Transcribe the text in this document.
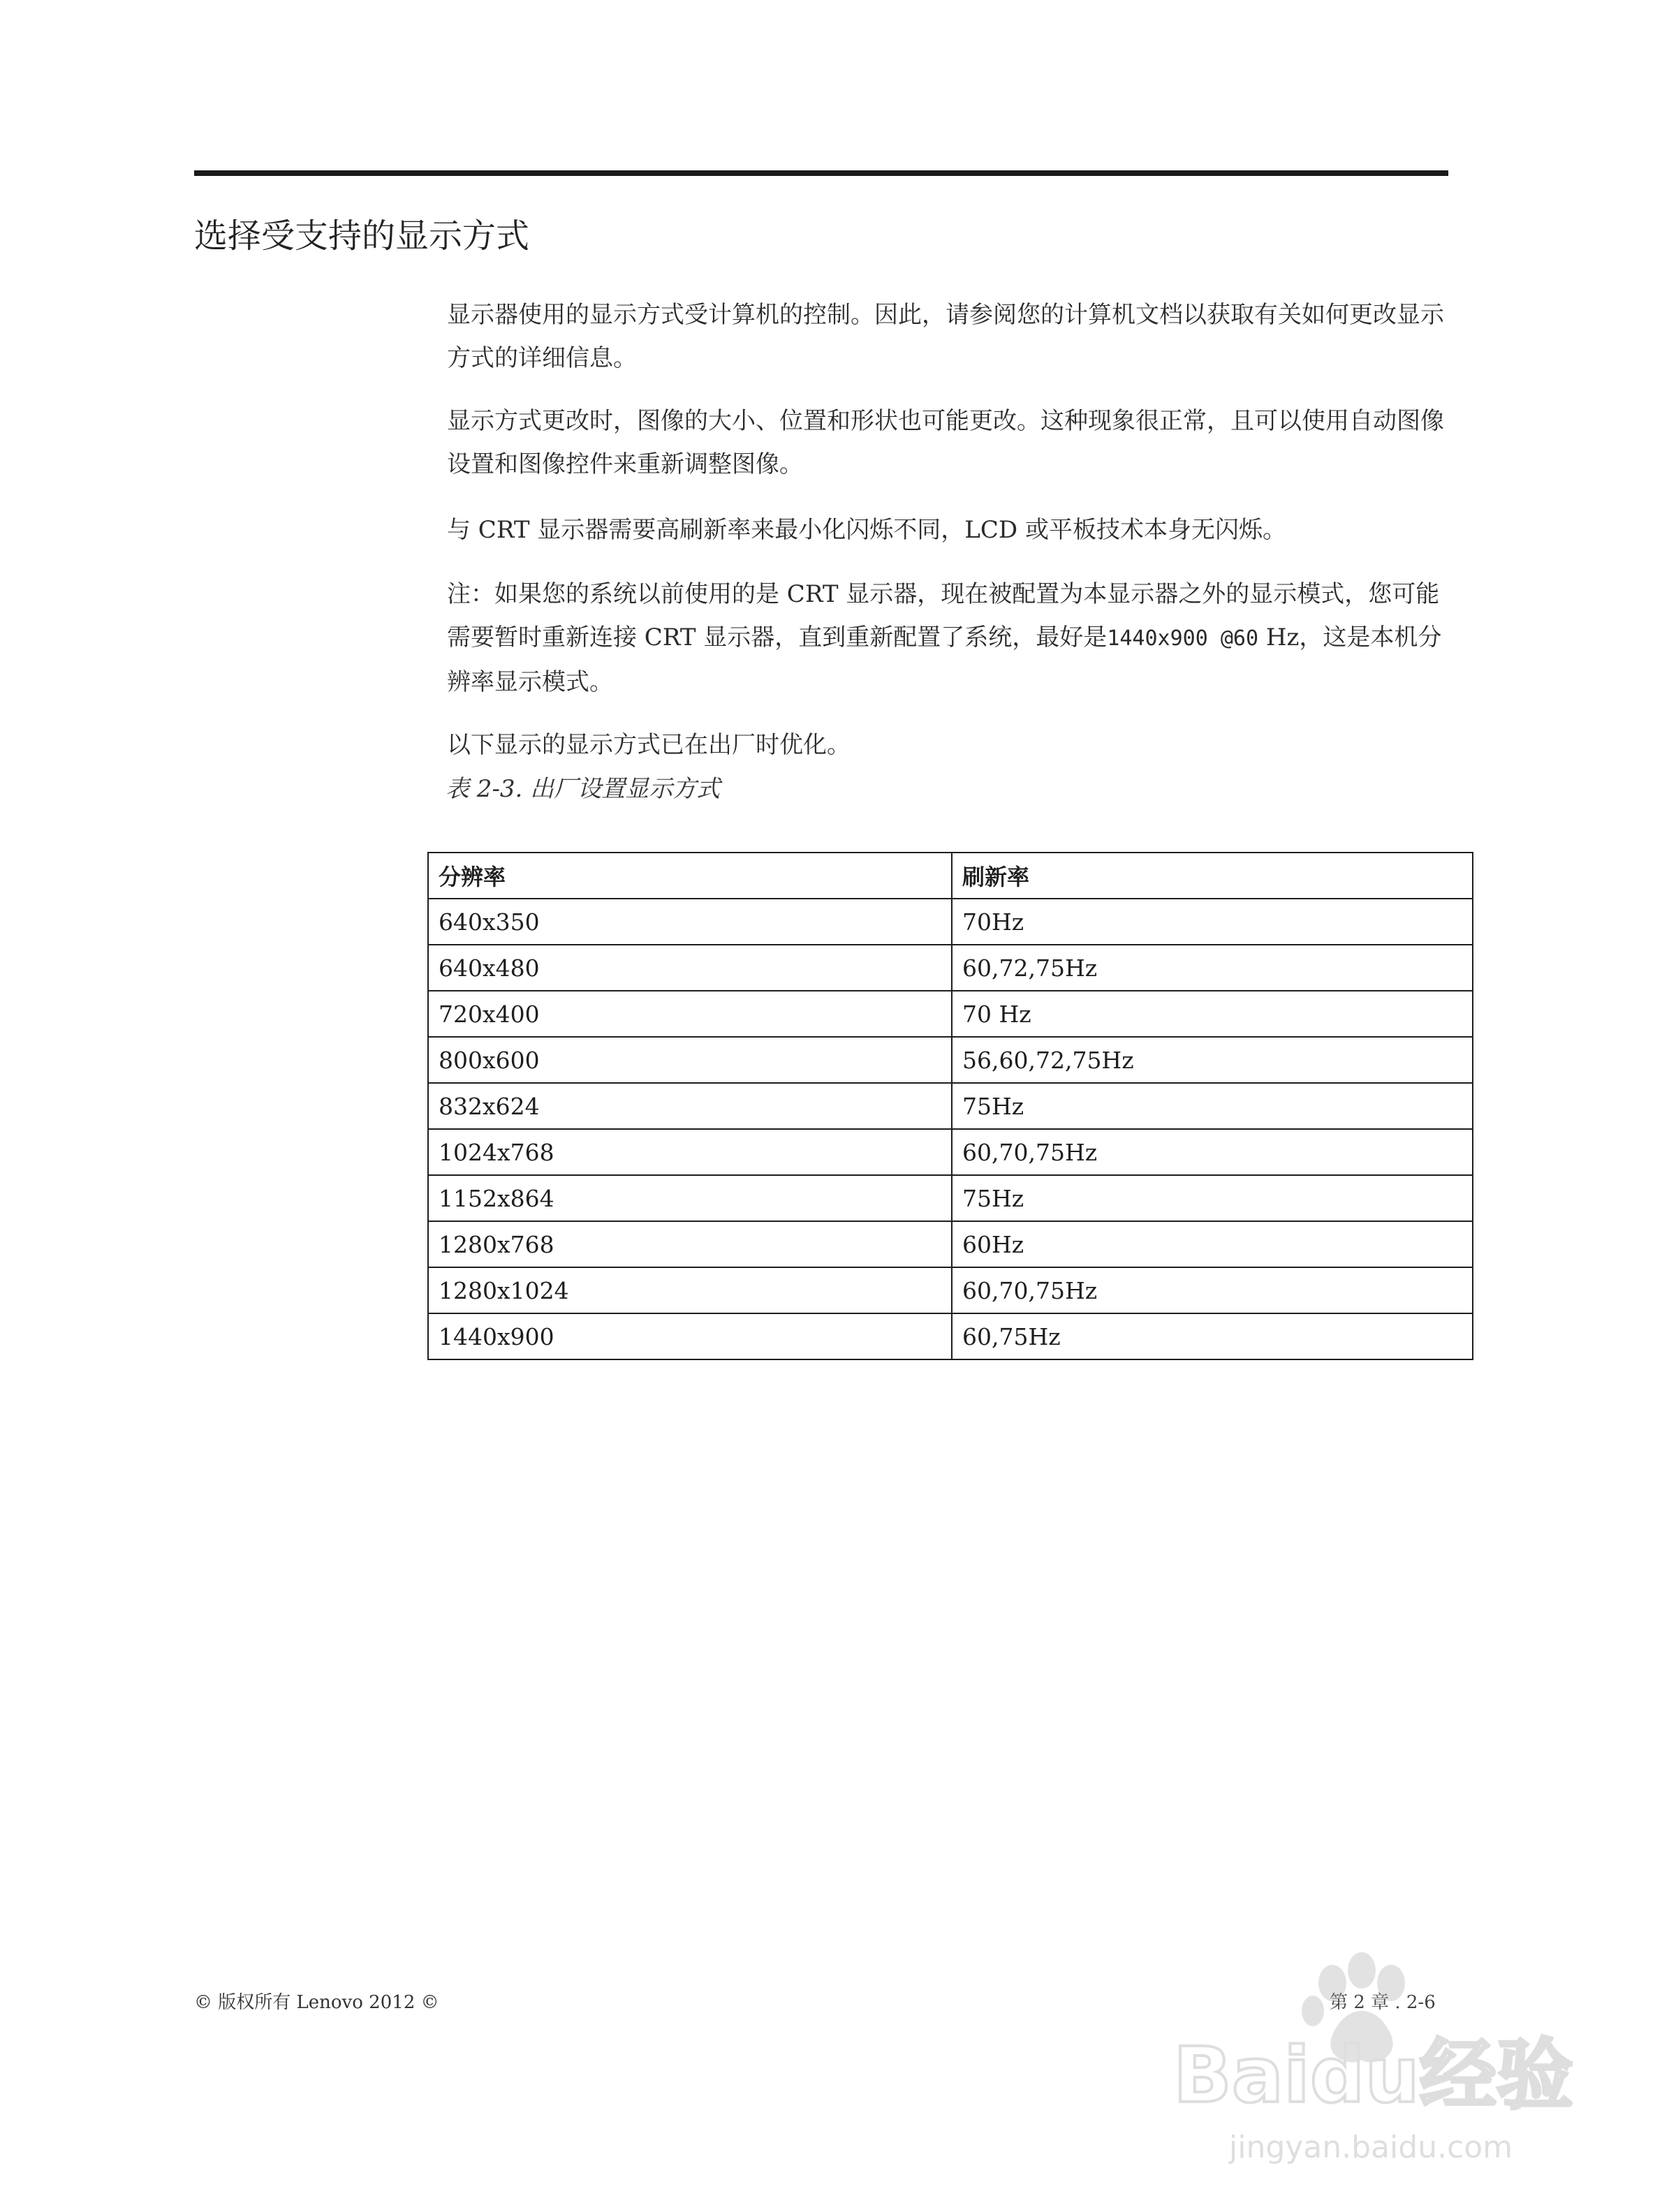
选择受支持的显示方式

显示器使用的显示方式受计算机的控制。因此，请参阅您的计算机文档以获取有关如何更改显示方式的详细信息。

显示方式更改时，图像的大小、位置和形状也可能更改。这种现象很正常，且可以使用自动图像设置和图像控件来重新调整图像。

与 CRT 显示器需要高刷新率来最小化闪烁不同，LCD 或平板技术本身无闪烁。

注：如果您的系统以前使用的是 CRT 显示器，现在被配置为本显示器之外的显示模式，您可能需要暂时重新连接 CRT 显示器，直到重新配置了系统，最好是1440x900 @60 Hz，这是本机分辨率显示模式。

以下显示的显示方式已在出厂时优化。

表 2-3. 出厂设置显示方式
分辨率	刷新率
640x350	70Hz
640x480	60,72,75Hz
720x400	70 Hz
800x600	56,60,72,75Hz
832x624	75Hz
1024x768	60,70,75Hz
1152x864	75Hz
1280x768	60Hz
1280x1024	60,70,75Hz
1440x900	60,75Hz
© 版权所有 Lenovo 2012 ©	第 2 章 . 2-6
Baidu经验
jingyan.baidu.com
